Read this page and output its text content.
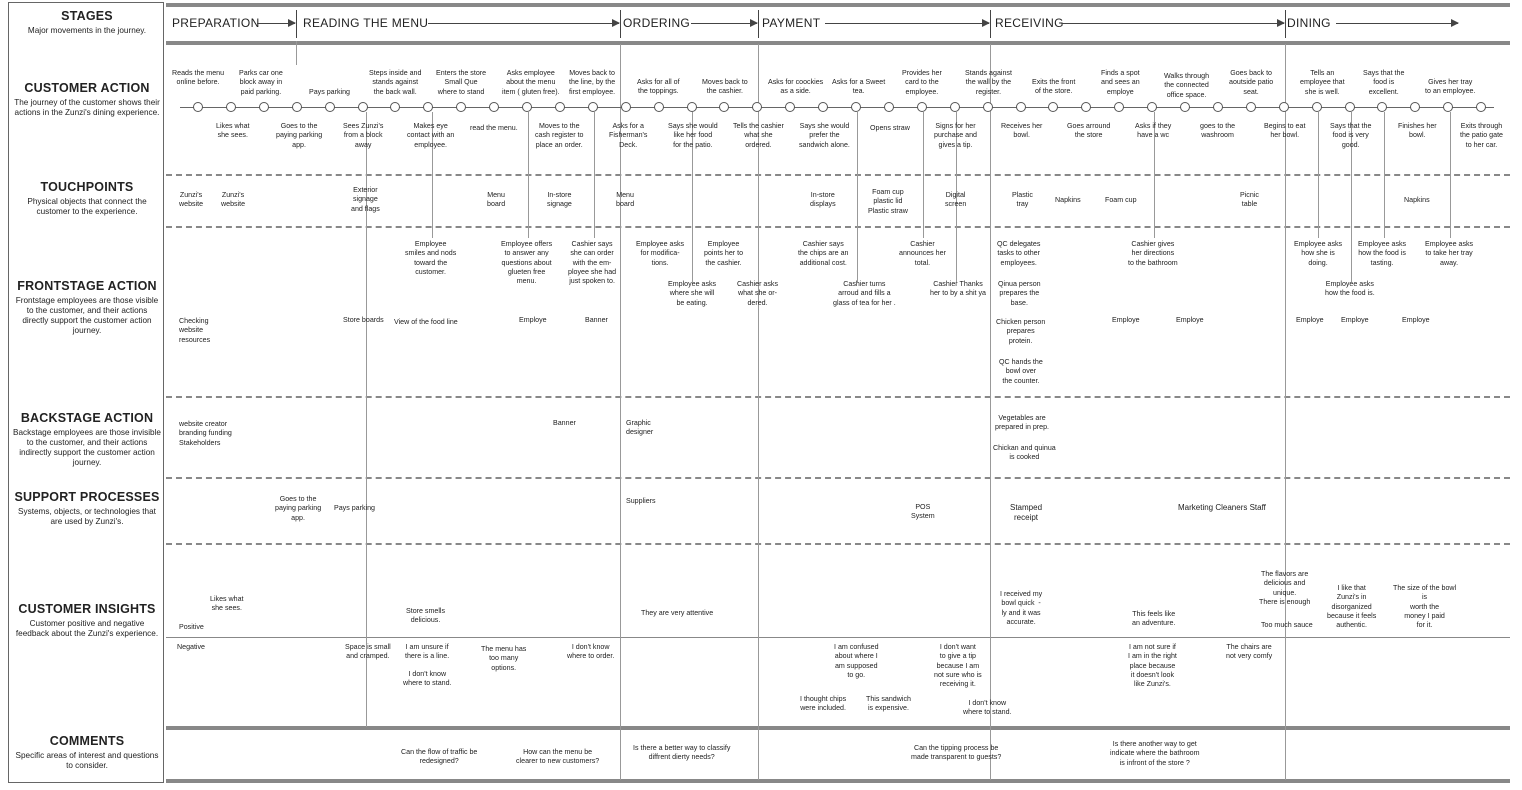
STAGES
Major movements in the journey.
CUSTOMER ACTION
The journey of the customer shows their actions in the Zunzi's dining experience.
TOUCHPOINTS
Physical objects that connect the customer to the experience.
FRONTSTAGE ACTION
Frontstage employees are those visible to the customer, and their actions directly support the customer action journey.
BACKSTAGE ACTION
Backstage employees are those invisible to the customer, and their actions indirectly support the customer action journey.
SUPPORT PROCESSES
Systems, objects, or technologies that are used by Zunzi's.
CUSTOMER INSIGHTS
Customer positive and negative feedback about the Zunzi's experience.
COMMENTS
Specific areas of interest and questions to consider.
PREPARATION	READING THE MENU	ORDERING	PAYMENT	RECEIVING	DINING
Reads the menu
online before.
Parks car one
block away in
paid parking.	Pays parking
Steps inside and
stands against
the back wall.
Enters the store
Small Que
where to stand
Asks employee
about the menu
item ( gluten free).
Moves back to
the line, by the
first employee.
Asks for all of
the toppings.
Moves back to
the cashier.
Asks for coockies
as a side.
Asks for a Sweet
tea.
Provides her
card to the
employee.
Stands against
the wall by the
register.
Exits the front
of the store.
Finds a spot
and sees an
employe
Walks through
the connected
office space.
Goes back to
aoutside patio
seat.
Tells an
employee that
she is well.
Says that the
food is
excellent.
Gives her tray
to an employee.
Likes what
she sees.
Goes to the
paying parking
app.
Sees Zunzi's
from a block
away
Makes eye
contact with an
employee.
read the menu.	Moves to the
cash register to
place an order.
Asks for a
Fisherman's
Deck.
Says she would
like her food
for the patio.
Tells the cashier
what she
ordered.
Says she would
prefer the
sandwich alone.
Opens straw	Signs for her
purchase and
gives a tip.
Receives her
bowl.
Goes arround
the store
Asks if they
have a wc
goes to the
washroom
Begins to eat
her bowl.
Says that the
food is very
good.
Finishes her
bowl.
Exits through
the patio gate
to her car.
Zunzi's
website
Zunzi's
website
Exterior
signage
and flags
Menu
board
In-store
signage
Menu
board
In-store
displays
Foam cup
plastic lid
Plastic straw
Digital
screen
Plastic
tray
Napkins	Foam cup
Picnic
table
Napkins
Employee
smiles and nods
toward the
customer.
Employee offers
to answer any
questions about
glueten free
menu.
Cashier says
she can order
with the em-
ployee she had
just spoken to.
Employee asks
for modifica-
tions.
Employee
points her to
the cashier.
Cashier says
the chips are an
additional cost.
Cashier
announces her
total.
QC delegates
tasks to other
employees.
Cashier gives
her directions
to the bathroom
Employee asks
how she is
doing.
Employee asks
how the food is
tasting.
Employee asks
to take her tray
away.
Employee asks
where she will
be eating.
Cashier asks
what she or-
dered.
Cashier turns
arroud and fills a
glass of tea for her .
Cashier Thanks
her to by a shit ya
Qinua person
prepares the
base.
Employee asks
how the food is.
Checking
website
resources
Store boards View of the food line	Employe	Banner	Chicken person
prepares
protein.
Employe	Employe	Employe Employe	Employe
QC hands the
bowl over
the counter.
website creator
branding funding
Stakeholders
Banner	Graphic
designer
Vegetables are
prepared in prep.
Chickan and quinua
is cooked
Goes to the
paying parking
app.
Pays parking
Suppliers
POS
System
Stamped
receipt
Marketing Cleaners Staff
Likes what
she sees.
Positive
Store smells
delicious.
They are very attentive
I received my
bowl quick  -
ly and it was
accurate.
This feels like
an adventure.
The flavors are
delicious and
unique.
There is enough
Too much sauce
I like that
Zunzi's in
disorganized
because it feels
authentic.
The size of the bowl
is
worth the
money I paid
for it.
Negative	Space is small
and cramped.
I am unsure if
there is a line.
I don't know
where to stand.
The menu has
too many
options.
I don't know
where to order.
I am confused
about where I
am supposed
to go.
I thought chips
were included.
This sandwich
is expensive.
I don't want
to give a tip
because I am
not sure who is
receiving it.
I don't know
where to stand.
I am not sure if
I am in the right
place because
it doesn't look
like Zunzi's.
The chairs are
not very comfy
Can the flow of traffic be
redesigned?
How can the menu be
clearer to new customers?
Is there a better way to classify
diffrent dierty needs?
Can the tipping process be
made transparent to guests?
Is there another way to get
indicate where the bathroom
is infront of the store ?
